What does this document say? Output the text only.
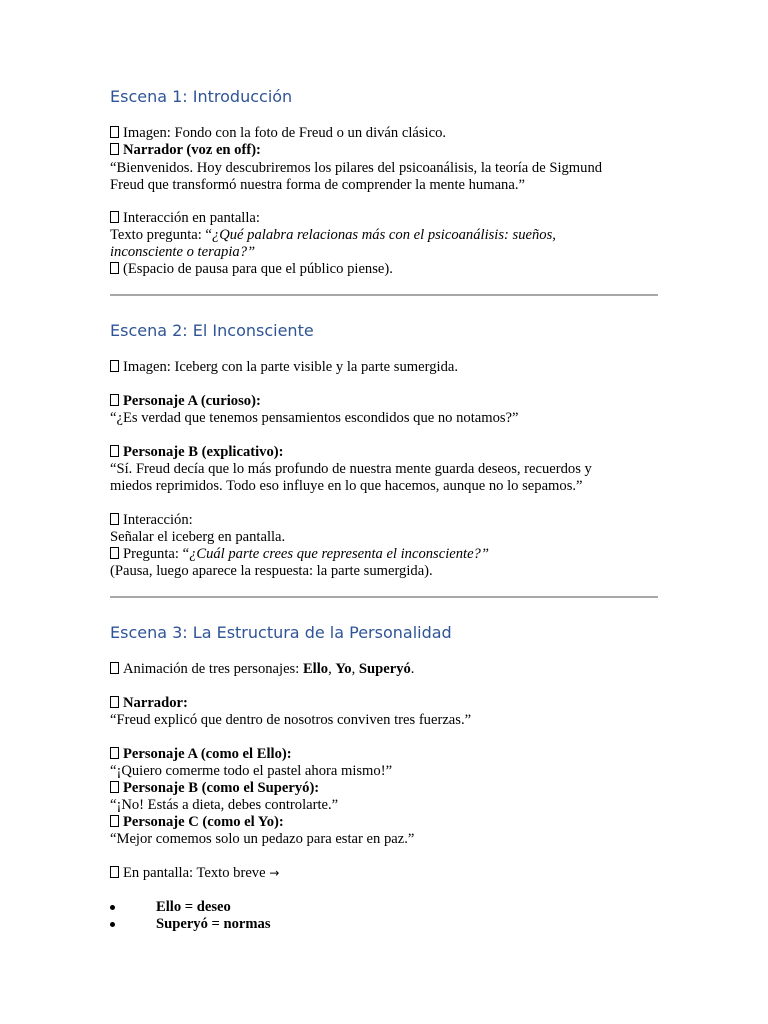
Escena 1: Introducción
Imagen: Fondo con la foto de Freud o un diván clásico.
Narrador (voz en off):
“Bienvenidos. Hoy descubriremos los pilares del psicoanálisis, la teoría de Sigmund
Freud que transformó nuestra forma de comprender la mente humana.”
Interacción en pantalla:
Texto pregunta: “¿Qué palabra relacionas más con el psicoanálisis: sueños,
inconsciente o terapia?”
(Espacio de pausa para que el público piense).
Escena 2: El Inconsciente
Imagen: Iceberg con la parte visible y la parte sumergida.
Personaje A (curioso):
“¿Es verdad que tenemos pensamientos escondidos que no notamos?”
Personaje B (explicativo):
“Sí. Freud decía que lo más profundo de nuestra mente guarda deseos, recuerdos y
miedos reprimidos. Todo eso influye en lo que hacemos, aunque no lo sepamos.”
Interacción:
Señalar el iceberg en pantalla.
Pregunta: “¿Cuál parte crees que representa el inconsciente?”
(Pausa, luego aparece la respuesta: la parte sumergida).
Escena 3: La Estructura de la Personalidad
Animación de tres personajes: Ello, Yo, Superyó.
Narrador:
“Freud explicó que dentro de nosotros conviven tres fuerzas.”
Personaje A (como el Ello):
“¡Quiero comerme todo el pastel ahora mismo!”
Personaje B (como el Superyó):
“¡No! Estás a dieta, debes controlarte.”
Personaje C (como el Yo):
“Mejor comemos solo un pedazo para estar en paz.”
En pantalla: Texto breve →
Ello = deseo
Superyó = normas
